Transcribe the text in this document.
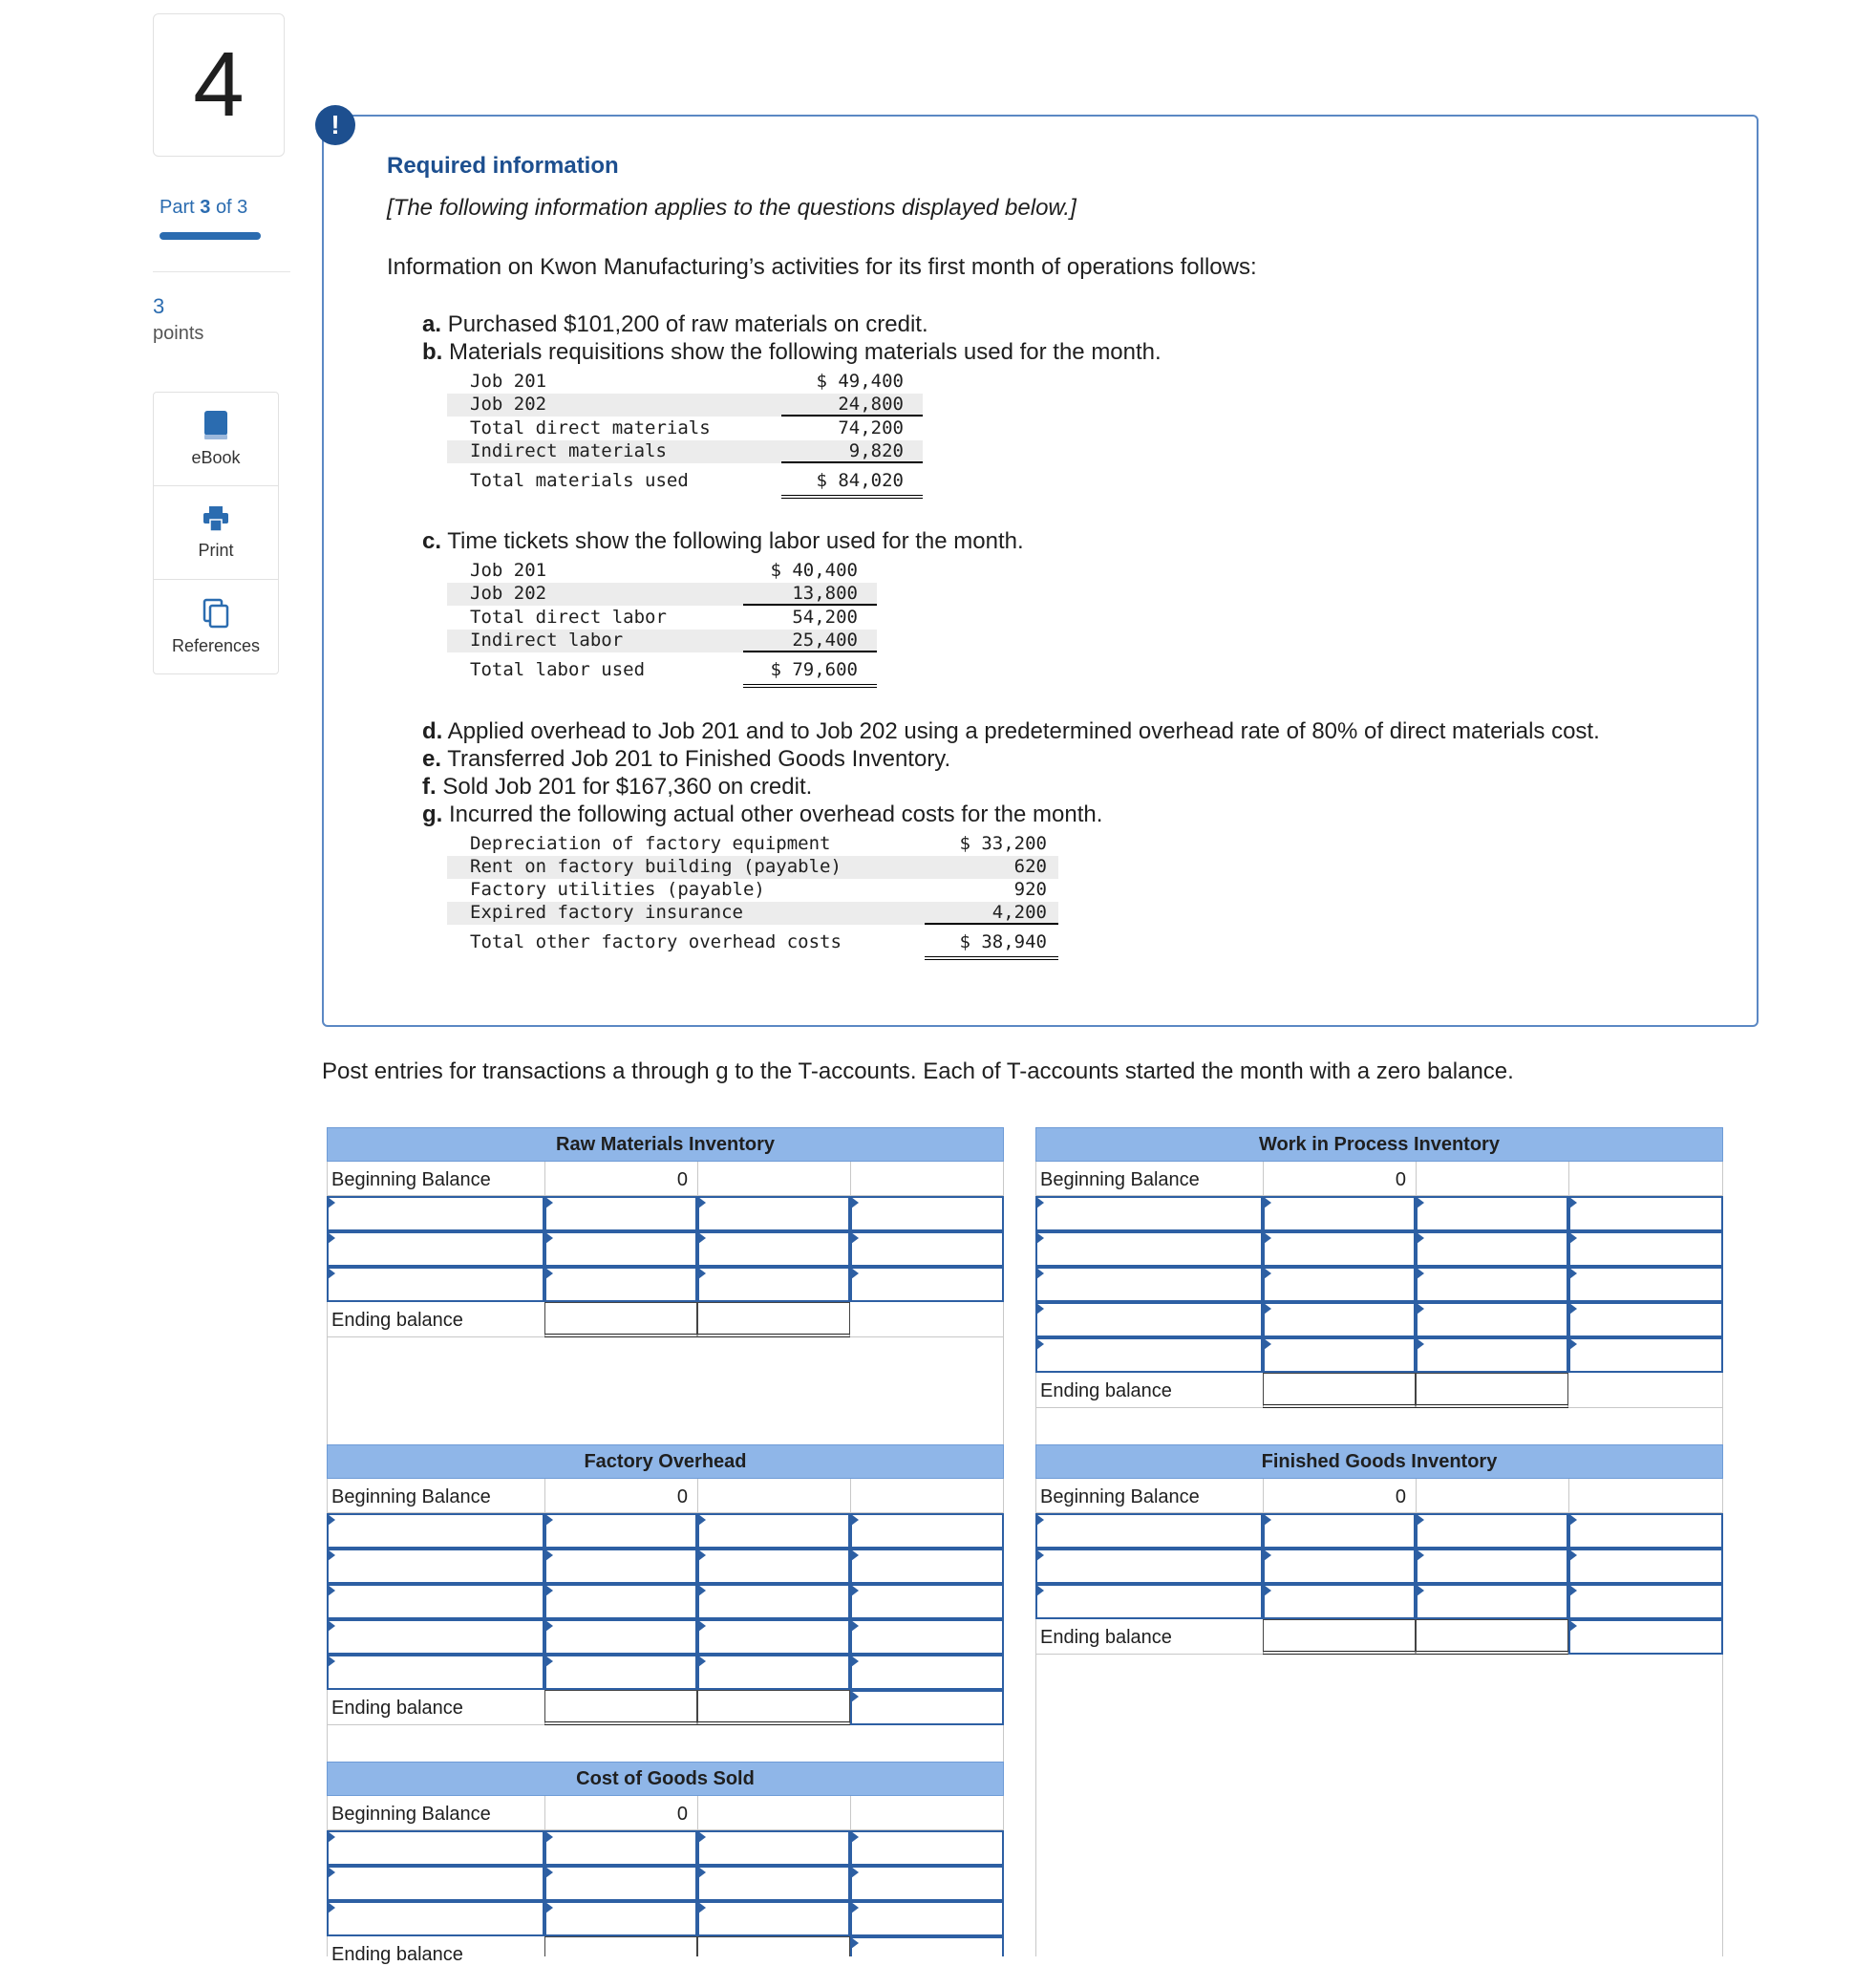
4
Part 3 of 3
3
points
eBook
Print
References
!
Required information
[The following information applies to the questions displayed below.]
Information on Kwon Manufacturing’s activities for its first month of operations follows:
a. Purchased $101,200 of raw materials on credit.
b. Materials requisitions show the following materials used for the month.
Job 201	$ 49,400
Job 202	24,800
Total direct materials	74,200
Indirect materials	9,820
Total materials used	$ 84,020
c. Time tickets show the following labor used for the month.
Job 201	$ 40,400
Job 202	13,800
Total direct labor	54,200
Indirect labor	25,400
Total labor used	$ 79,600
d. Applied overhead to Job 201 and to Job 202 using a predetermined overhead rate of 80% of direct materials cost.
e. Transferred Job 201 to Finished Goods Inventory.
f. Sold Job 201 for $167,360 on credit.
g. Incurred the following actual other overhead costs for the month.
Depreciation of factory equipment	$ 33,200
Rent on factory building (payable)	620
Factory utilities (payable)	920
Expired factory insurance	4,200
Total other factory overhead costs	$ 38,940
Post entries for transactions a through g to the T-accounts. Each of T-accounts started the month with a zero balance.
Raw Materials Inventory
Beginning Balance	0
Ending balance
Work in Process Inventory
Beginning Balance	0
Ending balance
Factory Overhead
Beginning Balance	0
Ending balance
Finished Goods Inventory
Beginning Balance	0
Ending balance
Cost of Goods Sold
Beginning Balance	0
Ending balance
